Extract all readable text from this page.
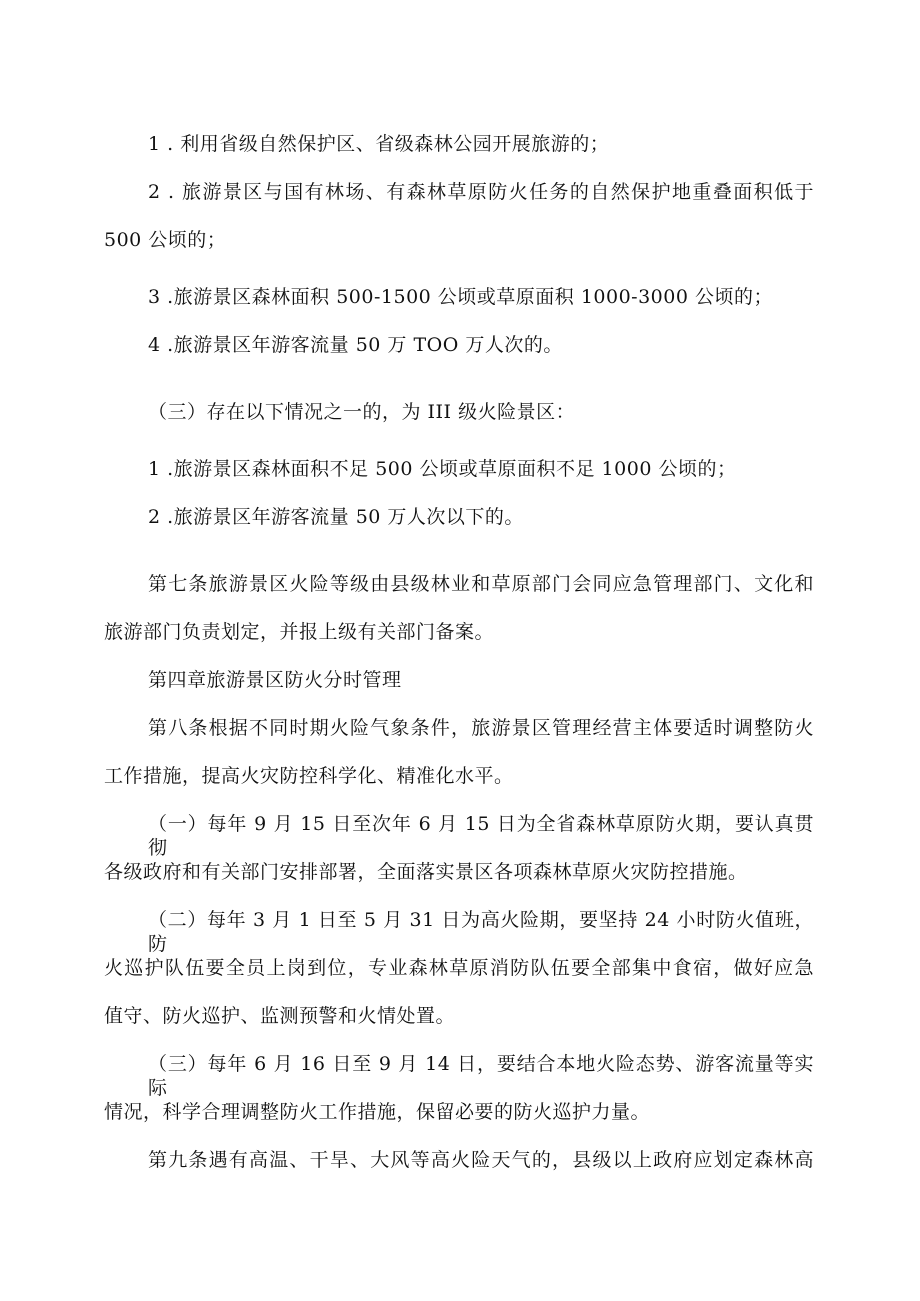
1 . 利用省级自然保护区、省级森林公园开展旅游的；
2 . 旅游景区与国有林场、有森林草原防火任务的自然保护地重叠面积低于
500 公顷的；
3 .旅游景区森林面积 500-1500 公顷或草原面积 1000-3000 公顷的；
4 .旅游景区年游客流量 50 万 TOO 万人次的。
（三）存在以下情况之一的，为 III 级火险景区：
1 .旅游景区森林面积不足 500 公顷或草原面积不足 1000 公顷的；
2 .旅游景区年游客流量 50 万人次以下的。
第七条旅游景区火险等级由县级林业和草原部门会同应急管理部门、文化和
旅游部门负责划定，并报上级有关部门备案。
第四章旅游景区防火分时管理
第八条根据不同时期火险气象条件，旅游景区管理经营主体要适时调整防火
工作措施，提高火灾防控科学化、精准化水平。
（一）每年 9 月 15 日至次年 6 月 15 日为全省森林草原防火期，要认真贯彻
各级政府和有关部门安排部署，全面落实景区各项森林草原火灾防控措施。
（二）每年 3 月 1 日至 5 月 31 日为高火险期，要坚持 24 小时防火值班，防
火巡护队伍要全员上岗到位，专业森林草原消防队伍要全部集中食宿，做好应急
值守、防火巡护、监测预警和火情处置。
（三）每年 6 月 16 日至 9 月 14 日，要结合本地火险态势、游客流量等实际
情况，科学合理调整防火工作措施，保留必要的防火巡护力量。
第九条遇有高温、干旱、大风等高火险天气的，县级以上政府应划定森林高
